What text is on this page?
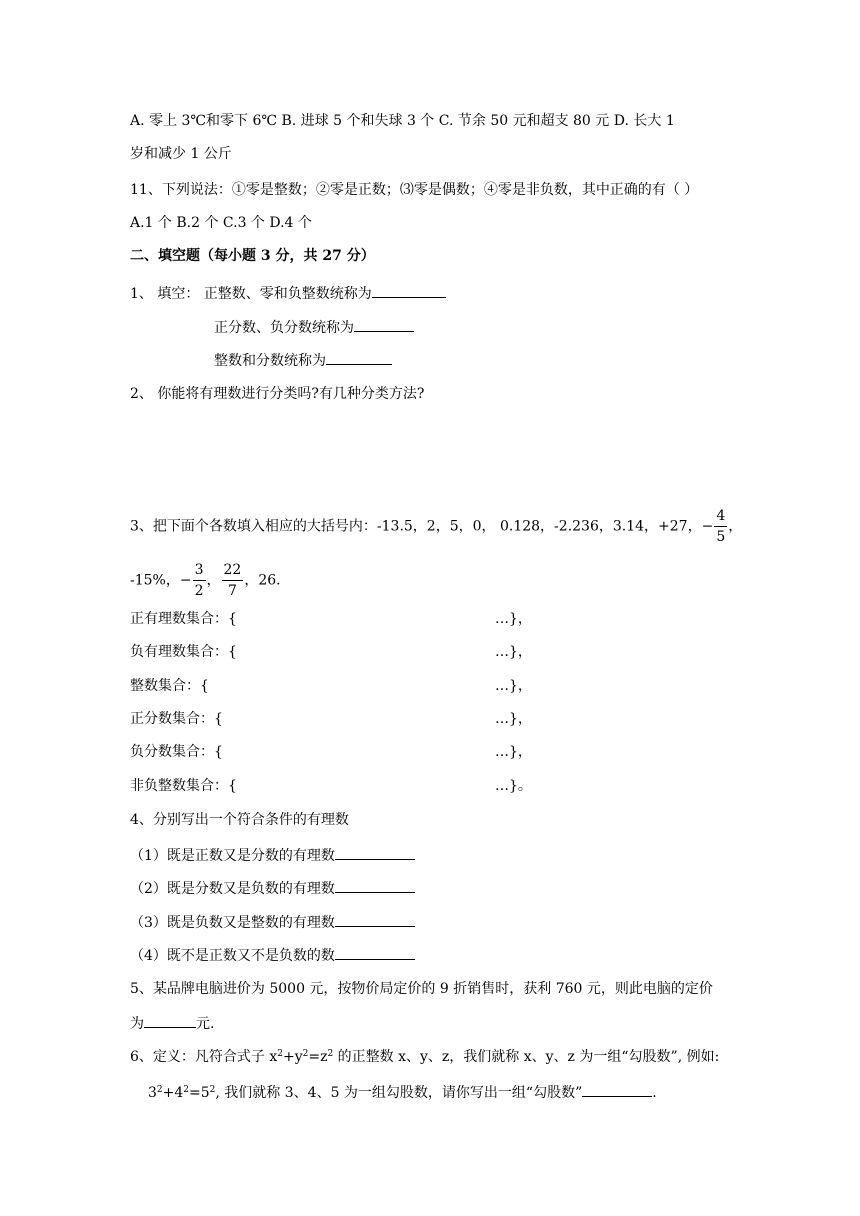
A. 零上 3℃和零下 6℃ B. 进球 5 个和失球 3 个 C. 节余 50 元和超支 80 元 D. 长大 1
岁和减少 1 公斤
11、下列说法：①零是整数；②零是正数；⑶零是偶数；④零是非负数，其中正确的有（ ）
A.1 个 B.2 个 C.3 个 D.4 个
二、填空题（每小题 3 分，共 27 分）
1、 填空： 正整数、零和负整数统称为
正分数、负分数统称为
整数和分数统称为
2、 你能将有理数进行分类吗?有几种分类方法?
3、把下面个各数填入相应的大括号内：-13.5，2，5，0， 0.128，-2.236，3.14，+27，− $\frac{4}{5}$ ，
-15%，− $\frac{3}{2}$ ， $\frac{22}{7}$ ，26.
正有理数集合：{	…}，
负有理数集合：{	…}，
整数集合：{	…}，
正分数集合：{	…}，
负分数集合：{	…}，
非负整数集合：{	…}。
4、分别写出一个符合条件的有理数
（1）既是正数又是分数的有理数
（2）既是分数又是负数的有理数
（3）既是负数又是整数的有理数
（4）既不是正数又不是负数的数
5、某品牌电脑进价为 5000 元，按物价局定价的 9 折销售时，获利 760 元，则此电脑的定价
为	元.
6、定义：凡符合式子 $x^2+y^2=z^2$ 的正整数 x、y、z，我们就称 x、y、z 为一组“勾股数”, 例如:
$3^2+4^2=5^2$, 我们就称 3、4、5 为一组勾股数，请你写出一组“勾股数”	.
